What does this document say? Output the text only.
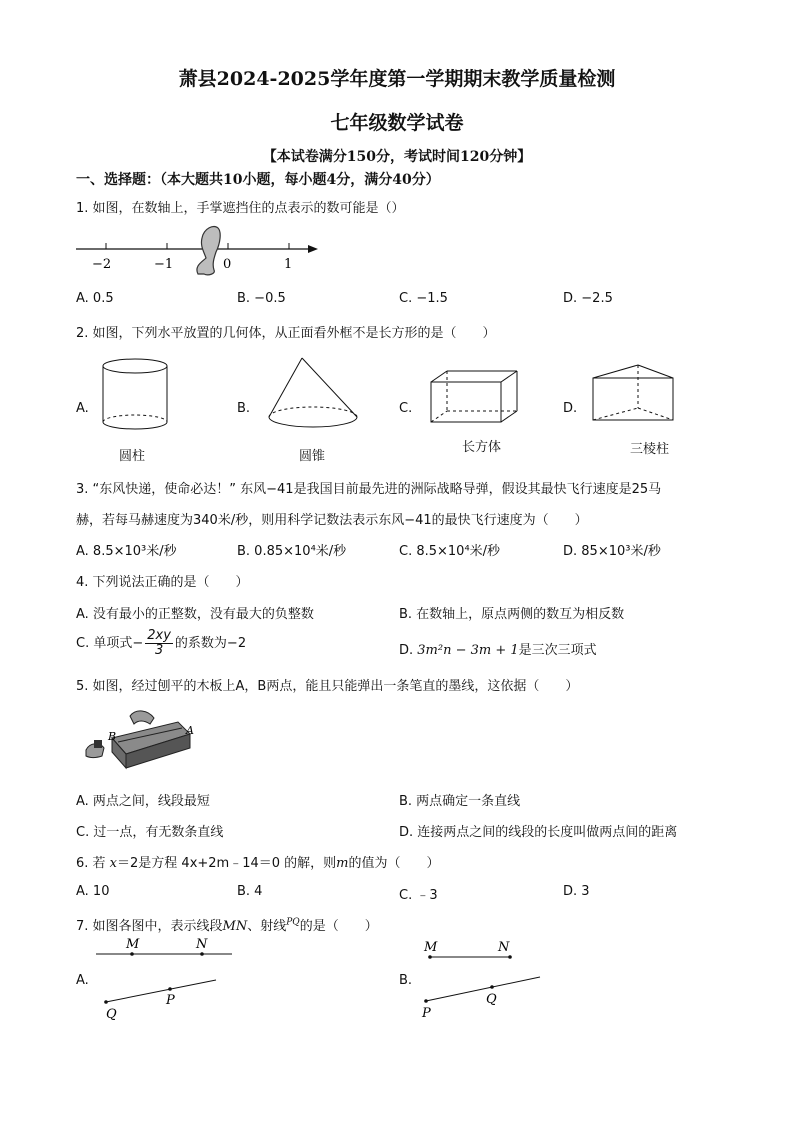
萧县2024-2025学年度第一学期期末教学质量检测
七年级数学试卷
【本试卷满分150分，考试时间120分钟】
一、选择题：（本大题共10小题，每小题4分，满分40分）
1. 如图，在数轴上，手掌遮挡住的点表示的数可能是（）
−2	−1	0	1
A. 0.5	B. −0.5	C. −1.5	D. −2.5
2. 如图，下列水平放置的几何体，从正面看外框不是长方形的是（　　）
A.
圆柱
B.
圆锥
C.
长方体
D.
三棱柱
3. “东风快递，使命必达！” 东风−41是我国目前最先进的洲际战略导弹，假设其最快飞行速度是25马
赫，若每马赫速度为340米/秒，则用科学记数法表示东风−41的最快飞行速度为（　　）
A. 8.5×10³米/秒	B. 0.85×10⁴米/秒	C. 8.5×10⁴米/秒	D. 85×10³米/秒
4. 下列说法正确的是（　　）
A. 没有最小的正整数，没有最大的负整数	B. 在数轴上，原点两侧的数互为相反数
C. 单项式− $\frac{2xy}{3}$ 的系数为−2	D. 3m²n − 3m + 1是三次三项式
5. 如图，经过刨平的木板上A，B两点，能且只能弹出一条笔直的墨线，这依据（　　）
B	A
A. 两点之间，线段最短	B. 两点确定一条直线
C. 过一点，有无数条直线	D. 连接两点之间的线段的长度叫做两点间的距离
6. 若 x＝2是方程 4x+2m﹣14＝0 的解，则m的值为（　　）
A. 10	B. 4	C. ﹣3	D. 3
7. 如图各图中，表示线段MN、射线$^{PQ}$的是（　　）
A.
M	N
Q
P
B.
M	N
P
Q
